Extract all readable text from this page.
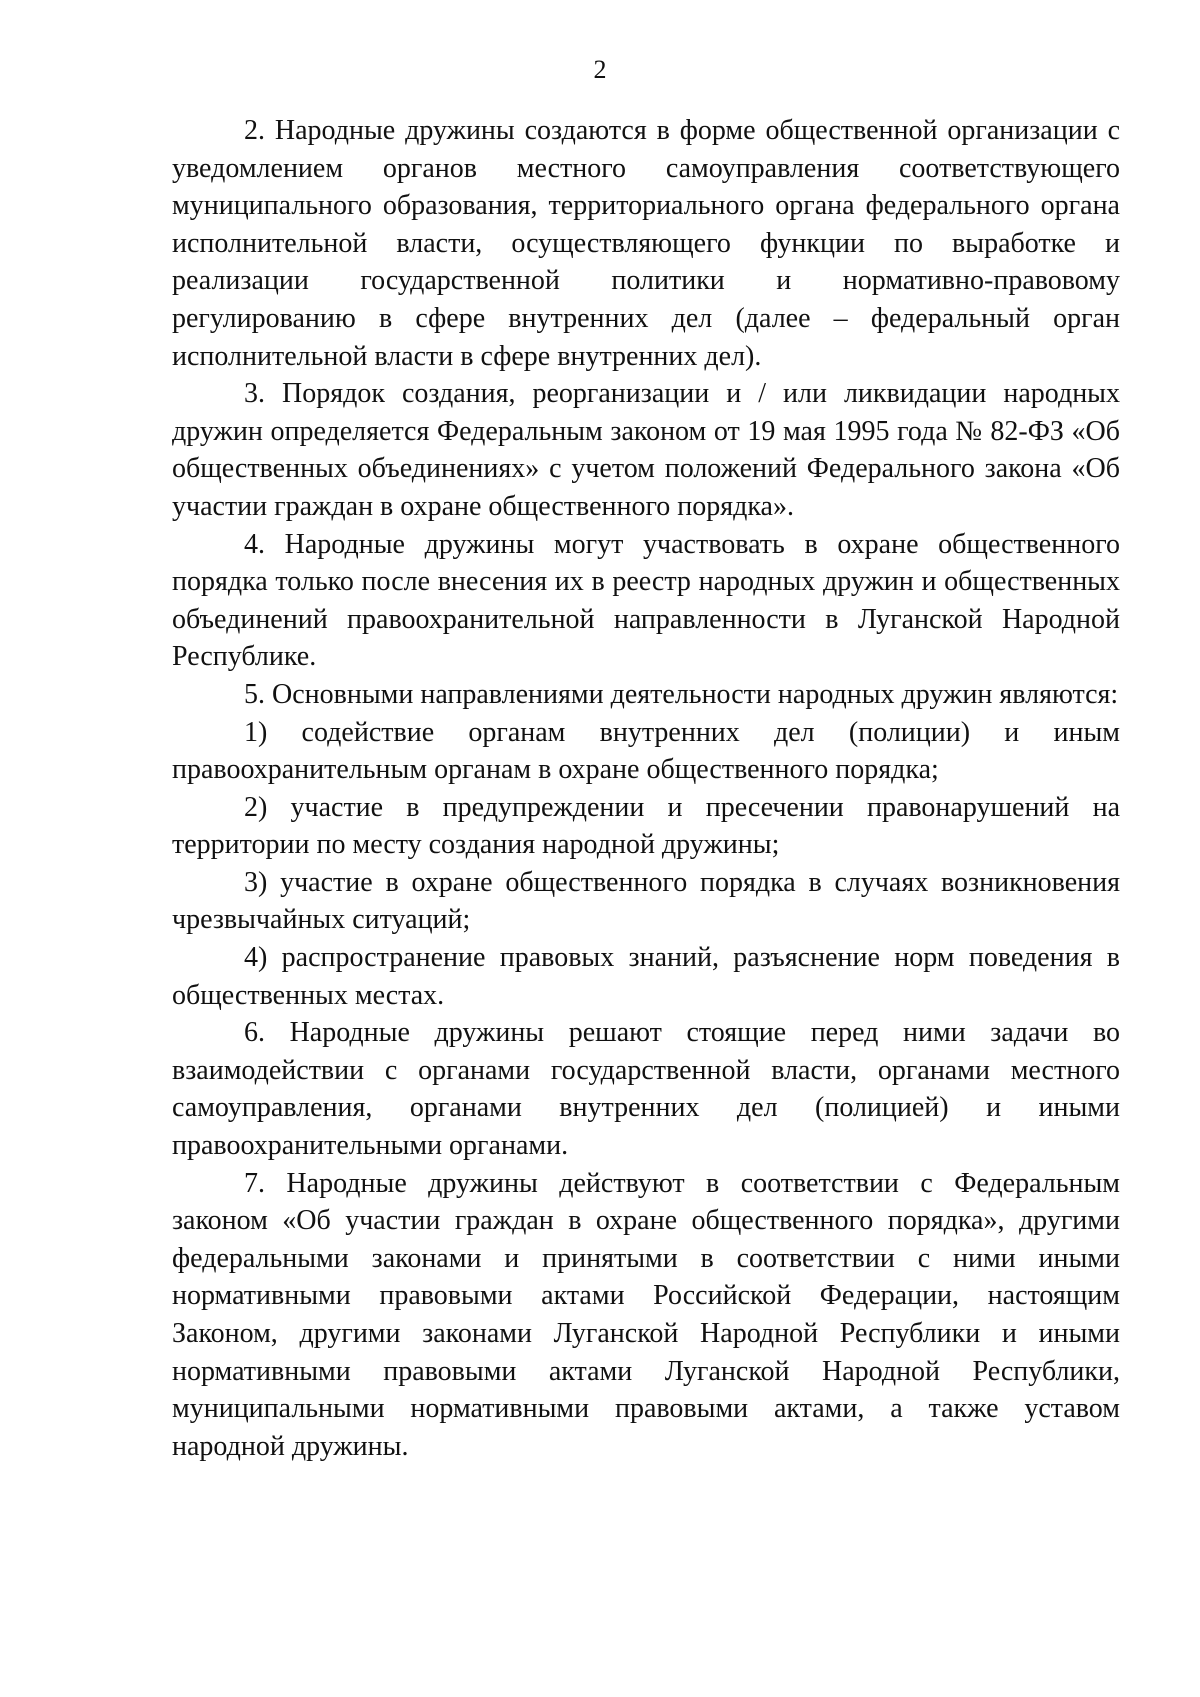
2

2. Народные дружины создаются в форме общественной организации с уведомлением органов местного самоуправления соответствующего муниципального образования, территориального органа федерального органа исполнительной власти, осуществляющего функции по выработке и реализации государственной политики и нормативно-правовому регулированию в сфере внутренних дел (далее – федеральный орган исполнительной власти в сфере внутренних дел).

3. Порядок создания, реорганизации и / или ликвидации народных дружин определяется Федеральным законом от 19 мая 1995 года № 82-ФЗ «Об общественных объединениях» с учетом положений Федерального закона «Об участии граждан в охране общественного порядка».

4. Народные дружины могут участвовать в охране общественного порядка только после внесения их в реестр народных дружин и общественных объединений правоохранительной направленности в Луганской Народной Республике.

5. Основными направлениями деятельности народных дружин являются:

1) содействие органам внутренних дел (полиции) и иным правоохранительным органам в охране общественного порядка;

2) участие в предупреждении и пресечении правонарушений на территории по месту создания народной дружины;

3) участие в охране общественного порядка в случаях возникновения чрезвычайных ситуаций;

4) распространение правовых знаний, разъяснение норм поведения в общественных местах.

6. Народные дружины решают стоящие перед ними задачи во взаимодействии с органами государственной власти, органами местного самоуправления, органами внутренних дел (полицией) и иными правоохранительными органами.

7. Народные дружины действуют в соответствии с Федеральным законом «Об участии граждан в охране общественного порядка», другими федеральными законами и принятыми в соответствии с ними иными нормативными правовыми актами Российской Федерации, настоящим Законом, другими законами Луганской Народной Республики и иными нормативными правовыми актами Луганской Народной Республики, муниципальными нормативными правовыми актами, а также уставом народной дружины.
